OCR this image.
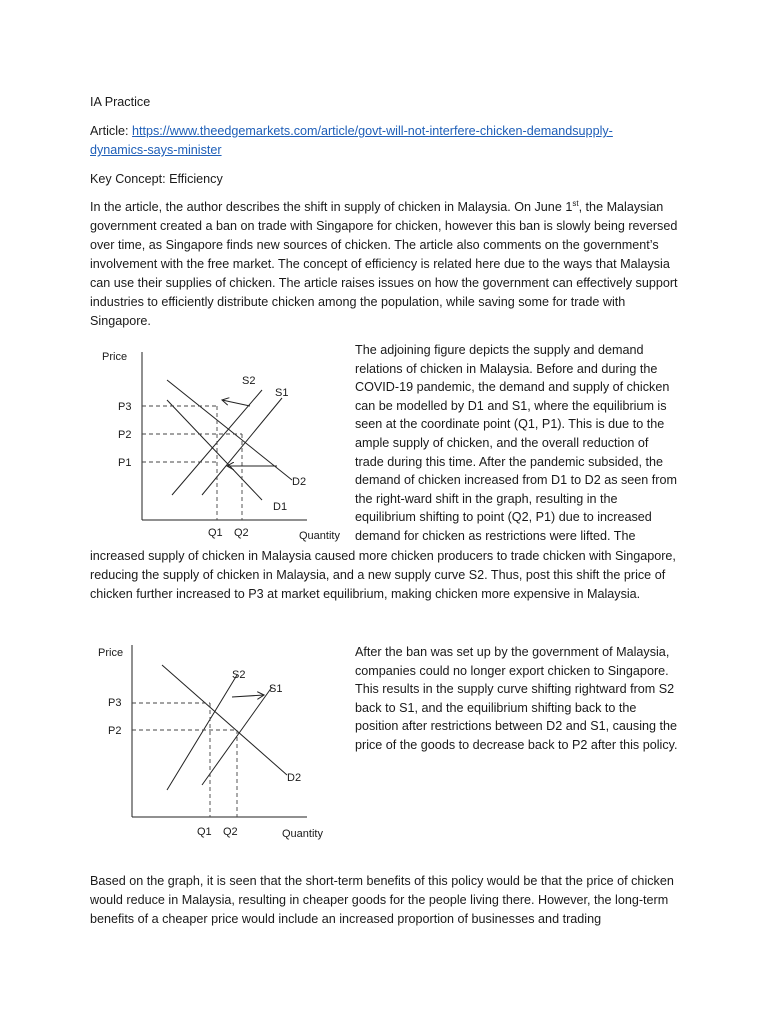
IA Practice

Article: https://www.theedgemarkets.com/article/govt-will-not-interfere-chicken-demandsupply-
dynamics-says-minister

Key Concept: Efficiency

In the article, the author describes the shift in supply of chicken in Malaysia. On June 1st, the Malaysian government created a ban on trade with Singapore for chicken, however this ban is slowly being reversed over time, as Singapore finds new sources of chicken. The article also comments on the government’s involvement with the free market. The concept of efficiency is related here due to the ways that Malaysia can use their supplies of chicken. The article raises issues on how the government can effectively support industries to efficiently distribute chicken among the population, while saving some for trade with Singapore.

Price
Quantity
P3
P2
P1
Q1 Q2
S2
S1
D2
D1

The adjoining figure depicts the supply and demand relations of chicken in Malaysia. Before and during the COVID-19 pandemic, the demand and supply of chicken can be modelled by D1 and S1, where the equilibrium is seen at the coordinate point (Q1, P1). This is due to the ample supply of chicken, and the overall reduction of trade during this time. After the pandemic subsided, the demand of chicken increased from D1 to D2 as seen from the right-ward shift in the graph, resulting in the equilibrium shifting to point (Q2, P1) due to increased demand for chicken as restrictions were lifted. The

increased supply of chicken in Malaysia caused more chicken producers to trade chicken with Singapore, reducing the supply of chicken in Malaysia, and a new supply curve S2. Thus, post this shift the price of chicken further increased to P3 at market equilibrium, making chicken more expensive in Malaysia.

Price
Quantity
P3
P2
Q1 Q2
S2
S1
D2

After the ban was set up by the government of Malaysia, companies could no longer export chicken to Singapore. This results in the supply curve shifting rightward from S2 back to S1, and the equilibrium shifting back to the position after restrictions between D2 and S1, causing the price of the goods to decrease back to P2 after this policy.

Based on the graph, it is seen that the short-term benefits of this policy would be that the price of chicken would reduce in Malaysia, resulting in cheaper goods for the people living there. However, the long-term benefits of a cheaper price would include an increased proportion of businesses and trading
